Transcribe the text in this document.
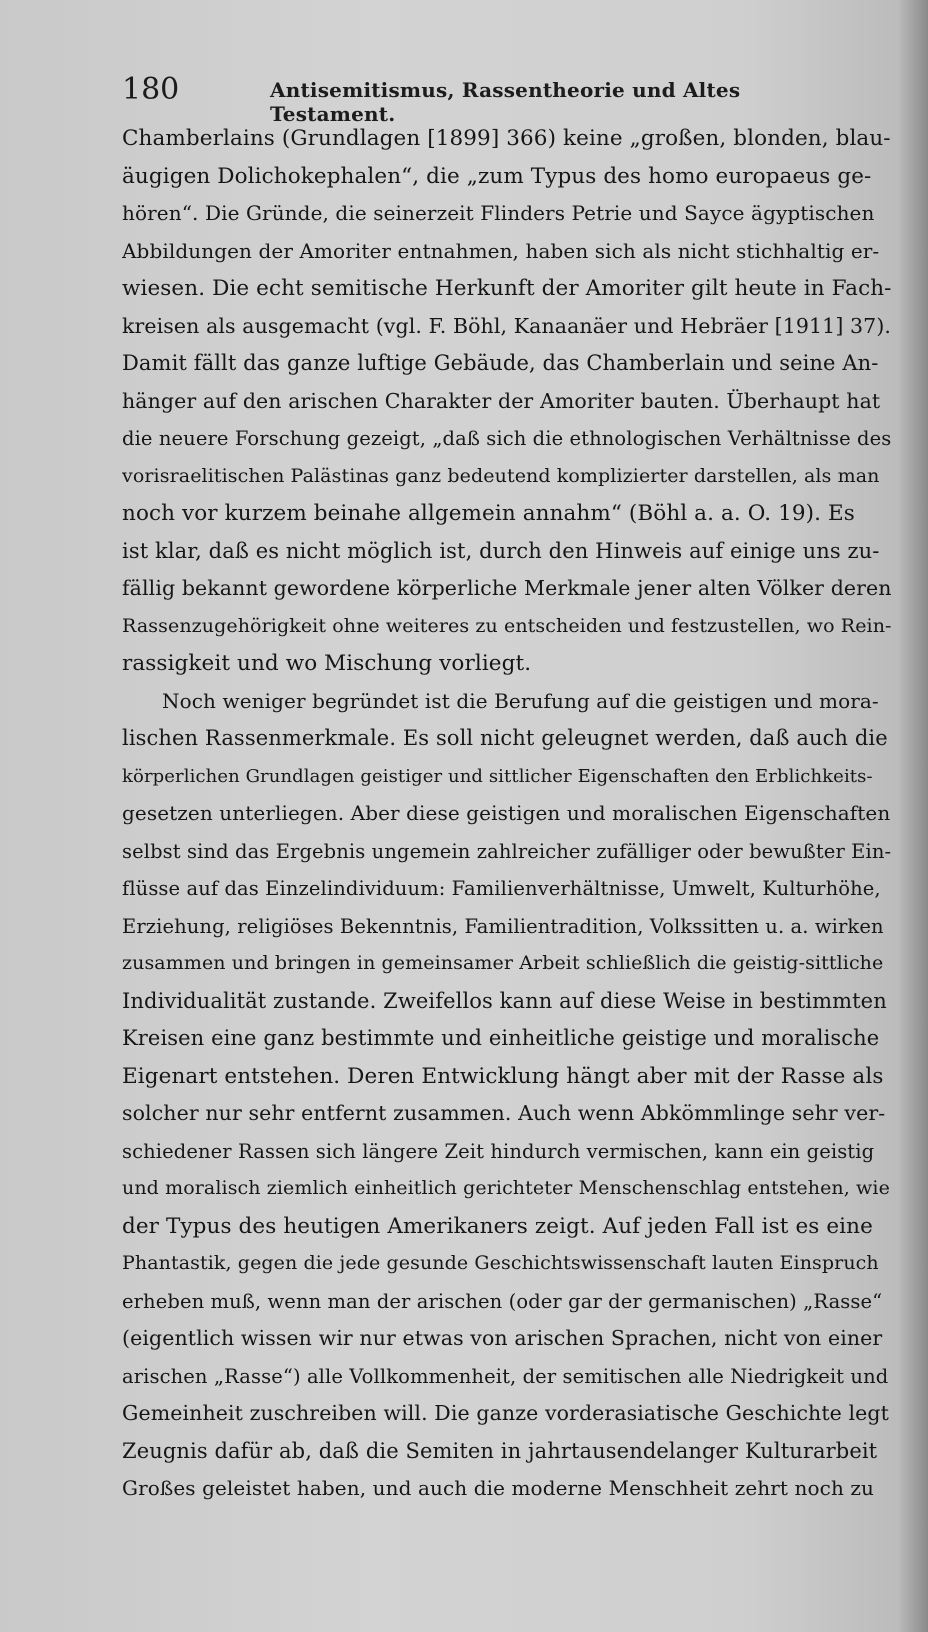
180	Antisemitismus, Rassentheorie und Altes Testament.
Chamberlains (Grundlagen [1899] 366) keine „großen, blonden, blau-
äugigen Dolichokephalen“, die „zum Typus des homo europaeus ge-
hören“. Die Gründe, die seinerzeit Flinders Petrie und Sayce ägyptischen
Abbildungen der Amoriter entnahmen, haben sich als nicht stichhaltig er-
wiesen. Die echt semitische Herkunft der Amoriter gilt heute in Fach-
kreisen als ausgemacht (vgl. F. Böhl, Kanaanäer und Hebräer [1911] 37).
Damit fällt das ganze luftige Gebäude, das Chamberlain und seine An-
hänger auf den arischen Charakter der Amoriter bauten. Überhaupt hat
die neuere Forschung gezeigt, „daß sich die ethnologischen Verhältnisse des
vorisraelitischen Palästinas ganz bedeutend komplizierter darstellen, als man
noch vor kurzem beinahe allgemein annahm“ (Böhl a. a. O. 19). Es
ist klar, daß es nicht möglich ist, durch den Hinweis auf einige uns zu-
fällig bekannt gewordene körperliche Merkmale jener alten Völker deren
Rassenzugehörigkeit ohne weiteres zu entscheiden und festzustellen, wo Rein-
rassigkeit und wo Mischung vorliegt.
Noch weniger begründet ist die Berufung auf die geistigen und mora-
lischen Rassenmerkmale. Es soll nicht geleugnet werden, daß auch die
körperlichen Grundlagen geistiger und sittlicher Eigenschaften den Erblichkeits-
gesetzen unterliegen. Aber diese geistigen und moralischen Eigenschaften
selbst sind das Ergebnis ungemein zahlreicher zufälliger oder bewußter Ein-
flüsse auf das Einzelindividuum: Familienverhältnisse, Umwelt, Kulturhöhe,
Erziehung, religiöses Bekenntnis, Familientradition, Volkssitten u. a. wirken
zusammen und bringen in gemeinsamer Arbeit schließlich die geistig-sittliche
Individualität zustande. Zweifellos kann auf diese Weise in bestimmten
Kreisen eine ganz bestimmte und einheitliche geistige und moralische
Eigenart entstehen. Deren Entwicklung hängt aber mit der Rasse als
solcher nur sehr entfernt zusammen. Auch wenn Abkömmlinge sehr ver-
schiedener Rassen sich längere Zeit hindurch vermischen, kann ein geistig
und moralisch ziemlich einheitlich gerichteter Menschenschlag entstehen, wie
der Typus des heutigen Amerikaners zeigt. Auf jeden Fall ist es eine
Phantastik, gegen die jede gesunde Geschichtswissenschaft lauten Einspruch
erheben muß, wenn man der arischen (oder gar der germanischen) „Rasse“
(eigentlich wissen wir nur etwas von arischen Sprachen, nicht von einer
arischen „Rasse“) alle Vollkommenheit, der semitischen alle Niedrigkeit und
Gemeinheit zuschreiben will. Die ganze vorderasiatische Geschichte legt
Zeugnis dafür ab, daß die Semiten in jahrtausendelanger Kulturarbeit
Großes geleistet haben, und auch die moderne Menschheit zehrt noch zu
